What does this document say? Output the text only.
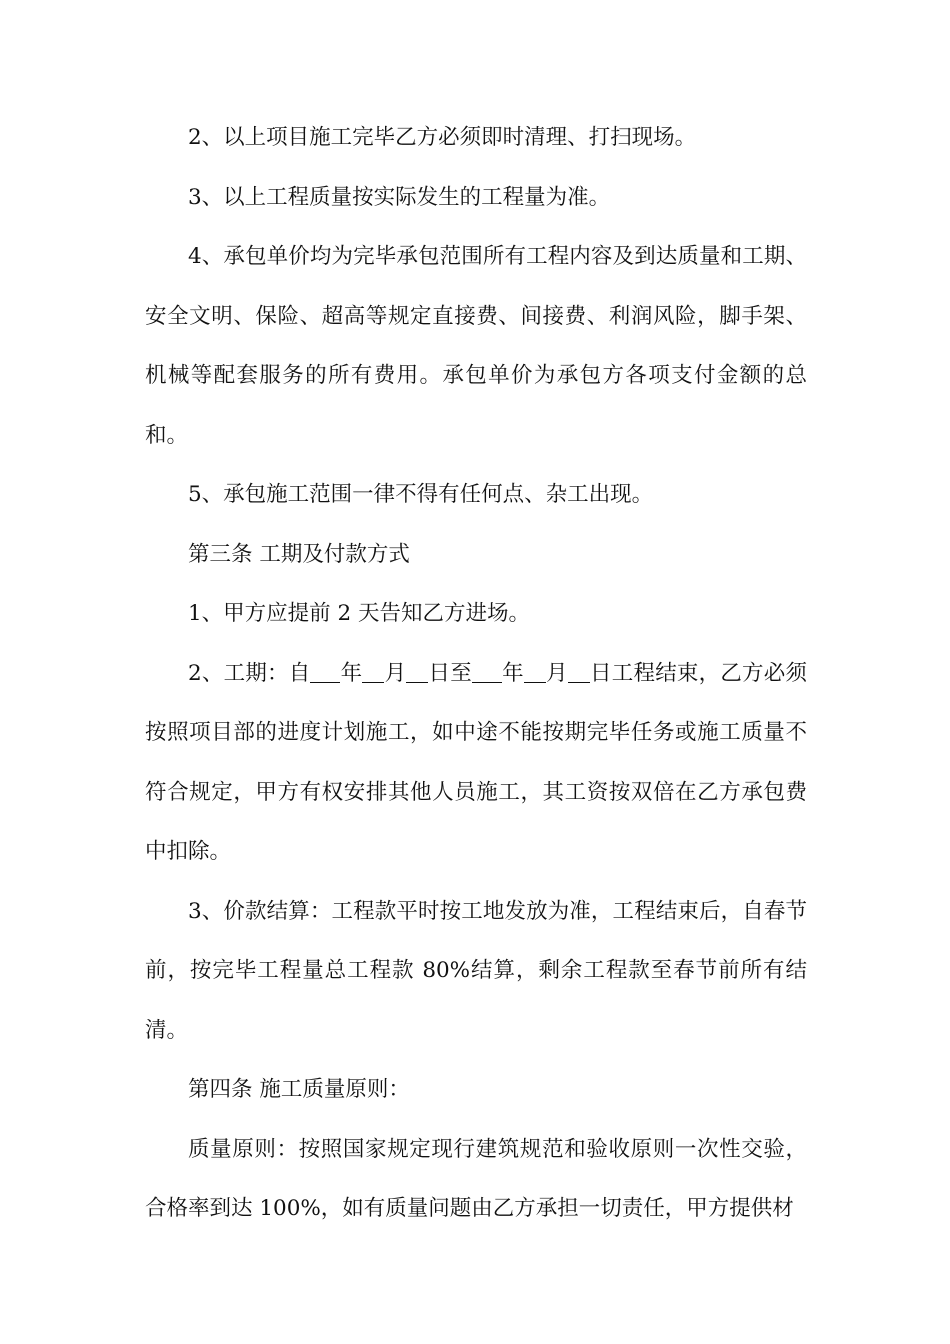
2、以上项目施工完毕乙方必须即时清理、打扫现场。

3、以上工程质量按实际发生的工程量为准。

4、承包单价均为完毕承包范围所有工程内容及到达质量和工期、安全文明、保险、超高等规定直接费、间接费、利润风险，脚手架、机械等配套服务的所有费用。承包单价为承包方各项支付金额的总和。

5、承包施工范围一律不得有任何点、杂工出现。

第三条 工期及付款方式

1、甲方应提前 2 天告知乙方进场。

2、工期：自 年 月 日至 年 月 日工程结束，乙方必须按照项目部的进度计划施工，如中途不能按期完毕任务或施工质量不符合规定，甲方有权安排其他人员施工，其工资按双倍在乙方承包费中扣除。

3、价款结算：工程款平时按工地发放为准，工程结束后，自春节前，按完毕工程量总工程款 80%结算，剩余工程款至春节前所有结清。

第四条 施工质量原则：

质量原则：按照国家规定现行建筑规范和验收原则一次性交验，合格率到达 100%，如有质量问题由乙方承担一切责任，甲方提供材
